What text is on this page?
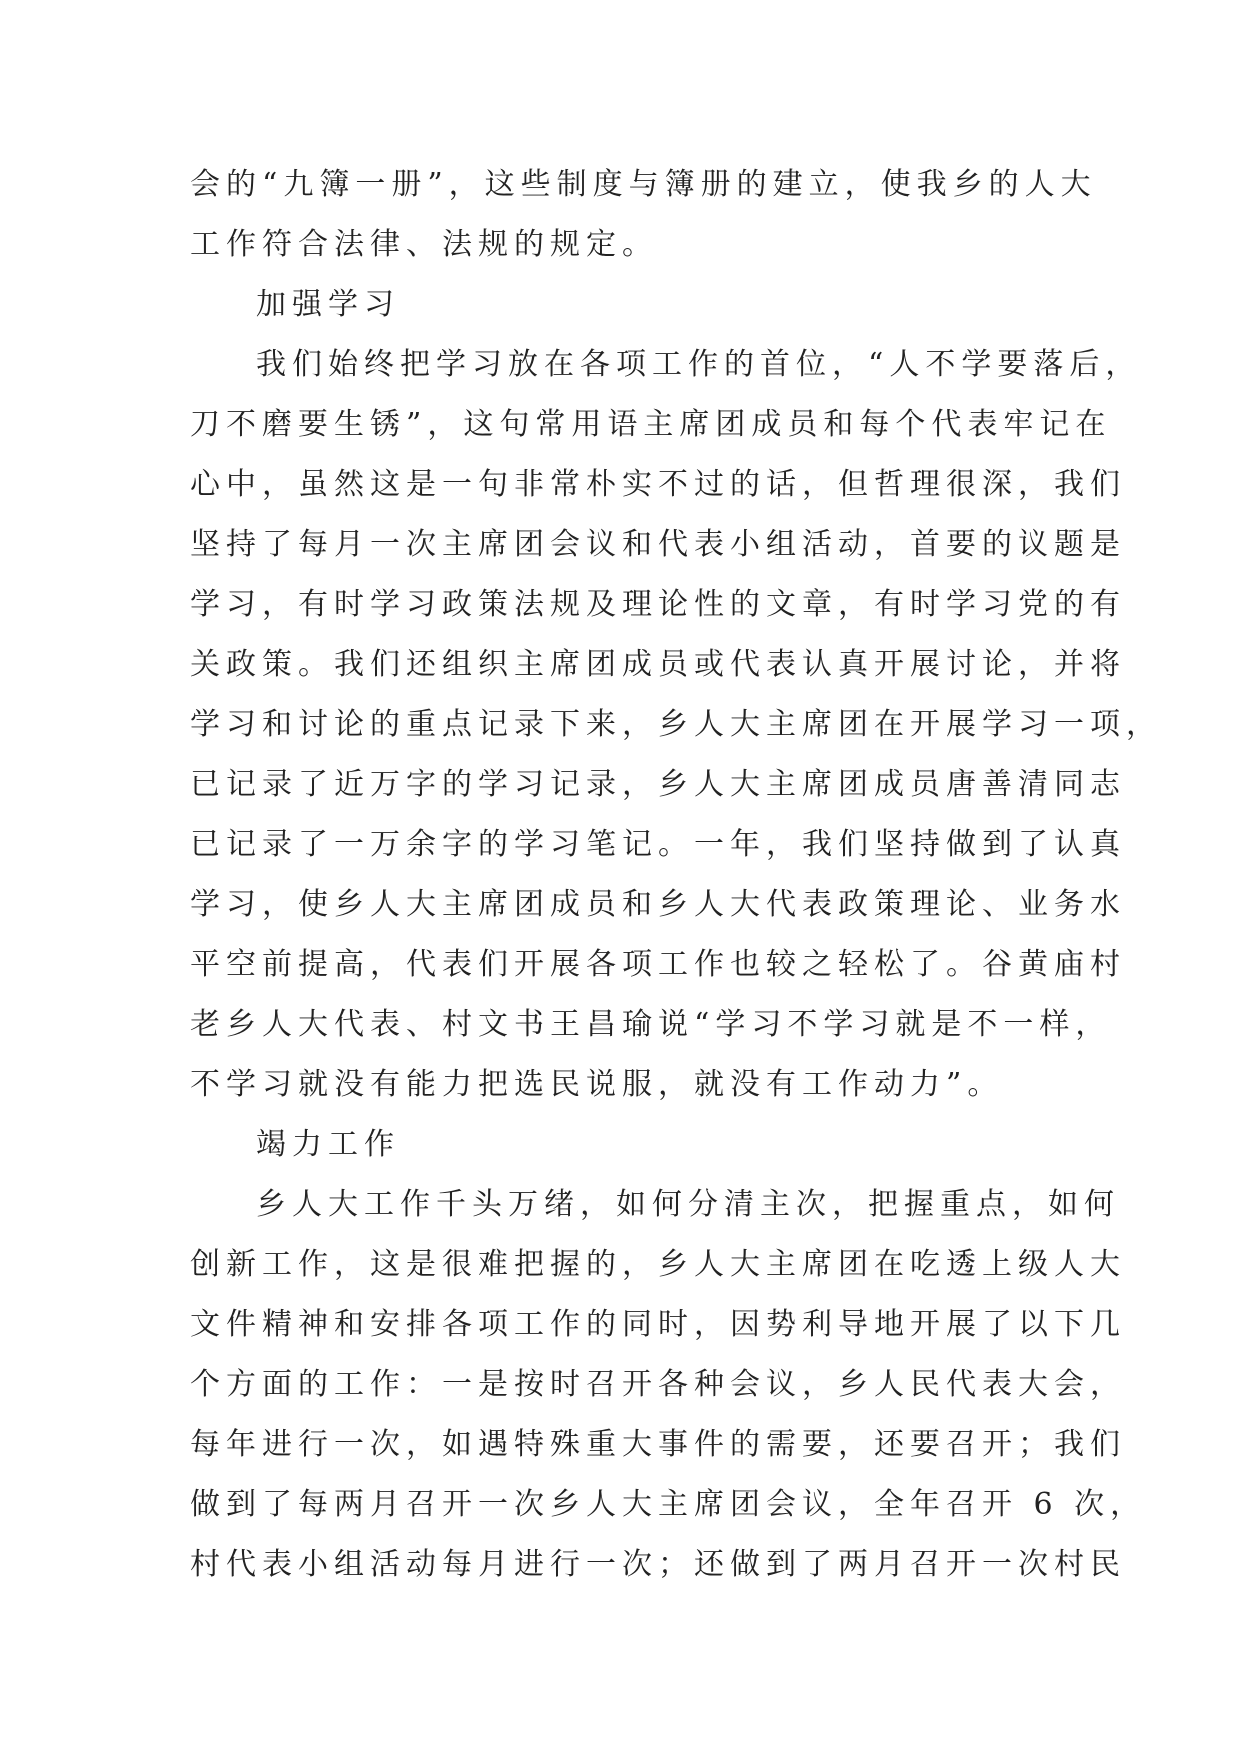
会的“九簿一册”，这些制度与簿册的建立，使我乡的人大
工作符合法律、法规的规定。
加强学习
我们始终把学习放在各项工作的首位，“人不学要落后，
刀不磨要生锈”，这句常用语主席团成员和每个代表牢记在
心中，虽然这是一句非常朴实不过的话，但哲理很深，我们
坚持了每月一次主席团会议和代表小组活动，首要的议题是
学习，有时学习政策法规及理论性的文章，有时学习党的有
关政策。我们还组织主席团成员或代表认真开展讨论，并将
学习和讨论的重点记录下来，乡人大主席团在开展学习一项，
已记录了近万字的学习记录，乡人大主席团成员唐善清同志
已记录了一万余字的学习笔记。一年，我们坚持做到了认真
学习，使乡人大主席团成员和乡人大代表政策理论、业务水
平空前提高，代表们开展各项工作也较之轻松了。谷黄庙村
老乡人大代表、村文书王昌瑜说“学习不学习就是不一样，
不学习就没有能力把选民说服，就没有工作动力”。
竭力工作
乡人大工作千头万绪，如何分清主次，把握重点，如何
创新工作，这是很难把握的，乡人大主席团在吃透上级人大
文件精神和安排各项工作的同时，因势利导地开展了以下几
个方面的工作：一是按时召开各种会议，乡人民代表大会，
每年进行一次，如遇特殊重大事件的需要，还要召开；我们
做到了每两月召开一次乡人大主席团会议，全年召开 6 次，
村代表小组活动每月进行一次；还做到了两月召开一次村民
